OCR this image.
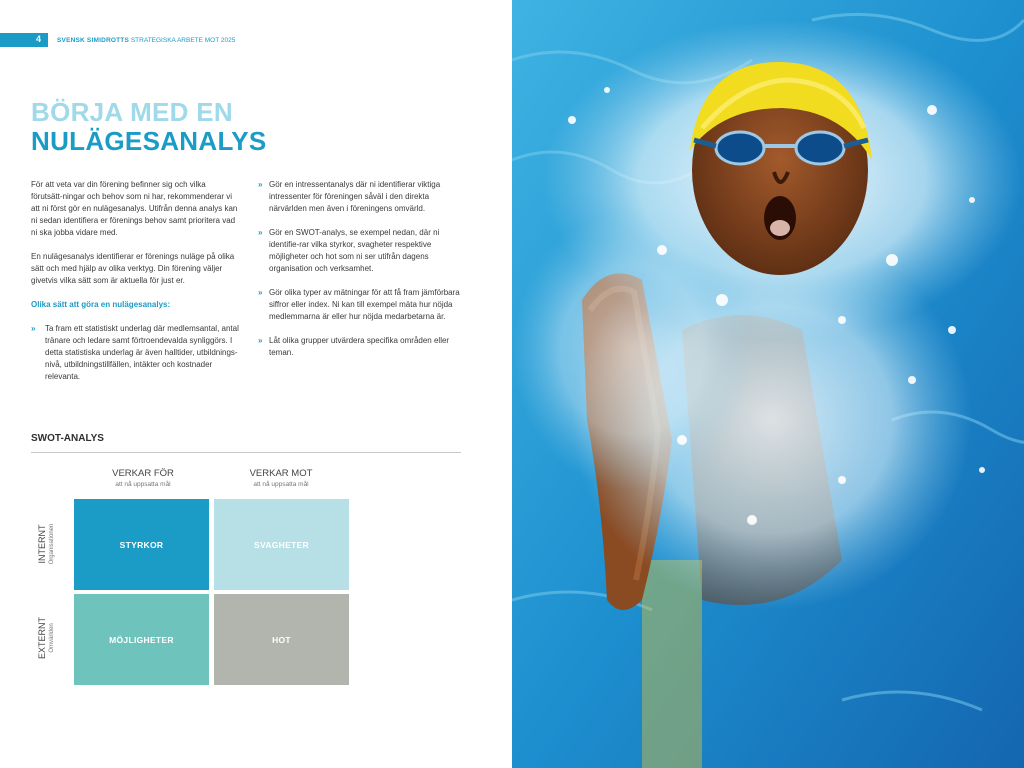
4 SVENSK SIMIDROTTS STRATEGISKA ARBETE MOT 2025
BÖRJA MED EN
NULÄGESANALYS

För att veta var din förening befinner sig och vilka förutsätt-ningar och behov som ni har, rekommenderar vi att ni först gör en nulägesanalys. Utifrån denna analys kan ni sedan identifiera er förenings behov samt prioritera vad ni ska jobba vidare med.

En nulägesanalys identifierar er förenings nuläge på olika sätt och med hjälp av olika verktyg. Din förening väljer givetvis vilka sätt som är aktuella för just er.

Olika sätt att göra en nulägesanalys:

» Ta fram ett statistiskt underlag där medlemsantal, antal tränare och ledare samt förtroendevalda synliggörs. I detta statistiska underlag är även halltider, utbildnings-nivå, utbildningstillfällen, intäkter och kostnader relevanta.
» Gör en intressentanalys där ni identifierar viktiga intressenter för föreningen såväl i den direkta närvärlden men även i föreningens omvärld.
» Gör en SWOT-analys, se exempel nedan, där ni identifie-rar vilka styrkor, svagheter respektive möjligheter och hot som ni ser utifrån dagens organisation och verksamhet.
» Gör olika typer av mätningar för att få fram jämförbara siffror eller index. Ni kan till exempel mäta hur nöjda medlemmarna är eller hur nöjda medarbetarna är.
» Låt olika grupper utvärdera specifika områden eller teman.
SWOT-ANALYS
VERKAR FÖR
att nå uppsatta mål
VERKAR MOT
att nå uppsatta mål
INTERNT Organisationen
EXTERNT Omvärlden
STYRKOR	SVAGHETER
MÖJLIGHETER	HOT
